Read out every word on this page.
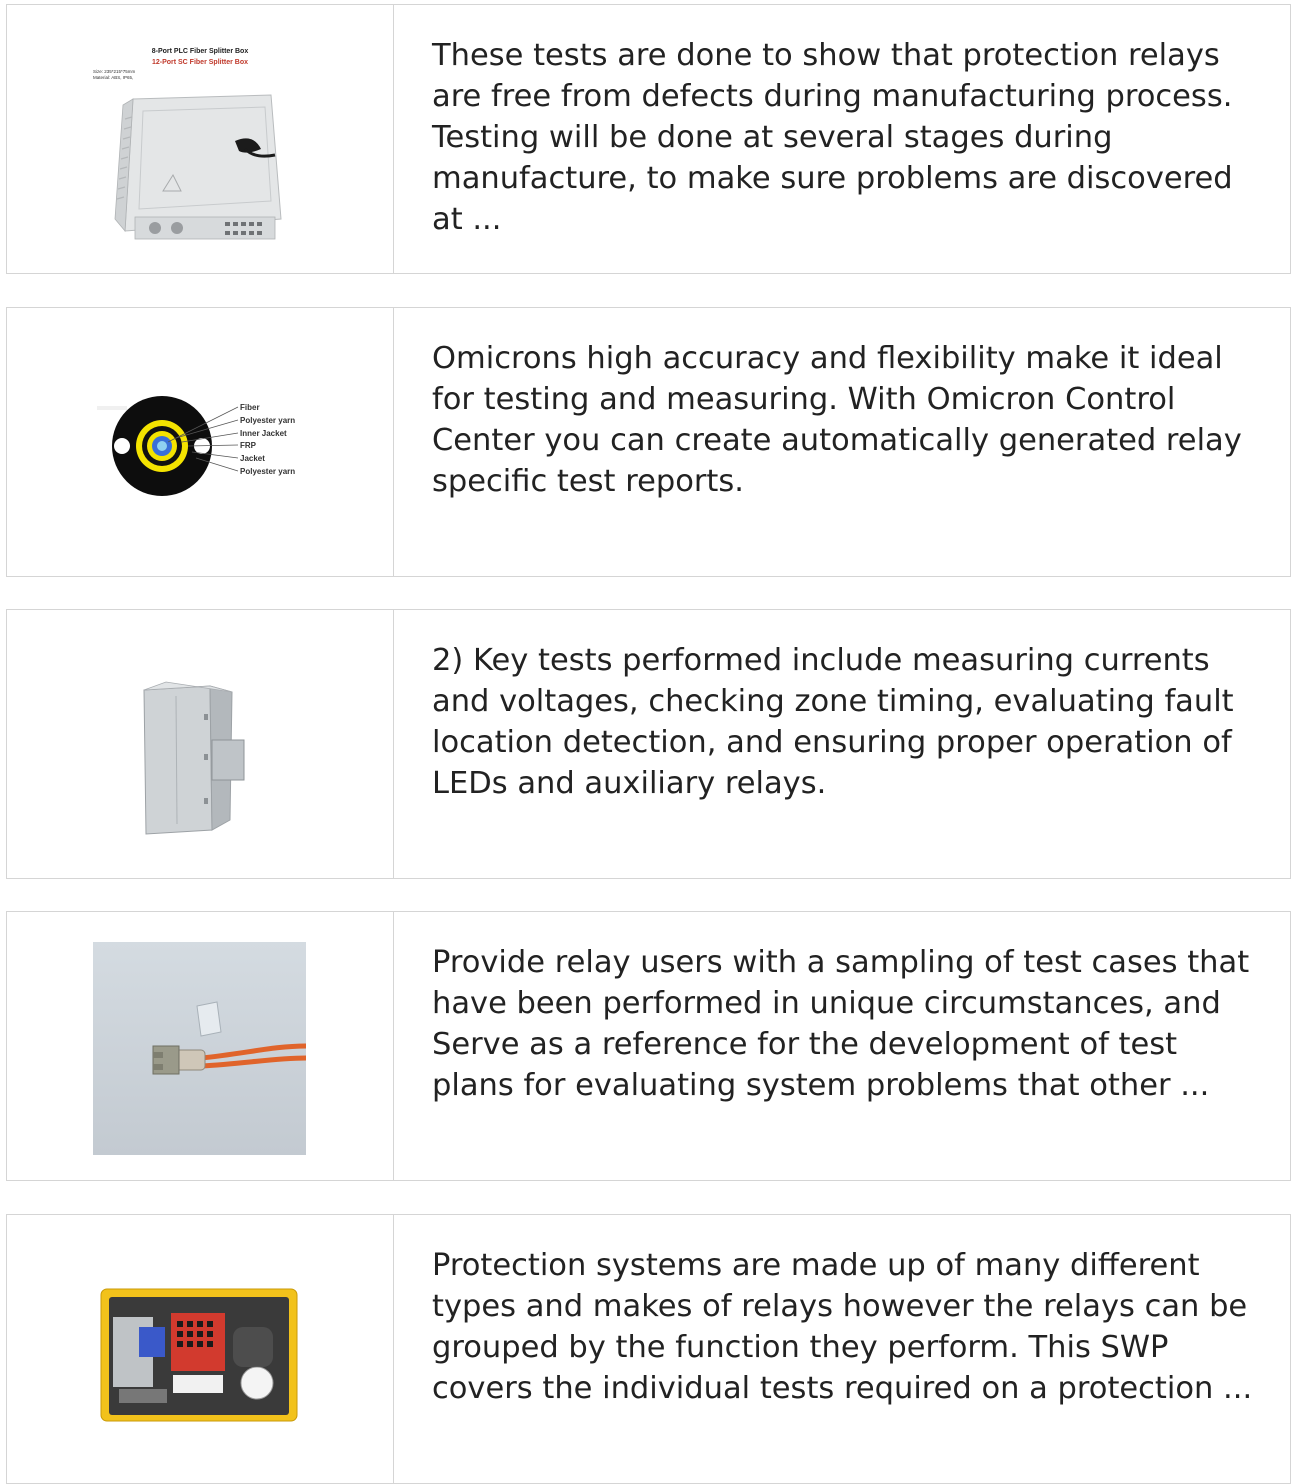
8-Port PLC Fiber Splitter Box
12-Port SC Fiber Splitter Box
Size: 235*215*75mm
Material: ABS, IP65,

These tests are done to show that protection relays are free from defects during manufacturing process. Testing will be done at several stages during manufacture, to make sure problems are discovered at ...

Fiber
Polyester yarn
Inner Jacket
FRP
Jacket
Polyester yarn

Omicrons high accuracy and flexibility make it ideal for testing and measuring. With Omicron Control Center you can create automatically generated relay specific test reports.

2) Key tests performed include measuring currents and voltages, checking zone timing, evaluating fault location detection, and ensuring proper operation of LEDs and auxiliary relays.

Provide relay users with a sampling of test cases that have been performed in unique circumstances, and Serve as a reference for the development of test plans for evaluating system problems that other ...

Protection systems are made up of many different types and makes of relays however the relays can be grouped by the function they perform. This SWP covers the individual tests required on a protection ...
